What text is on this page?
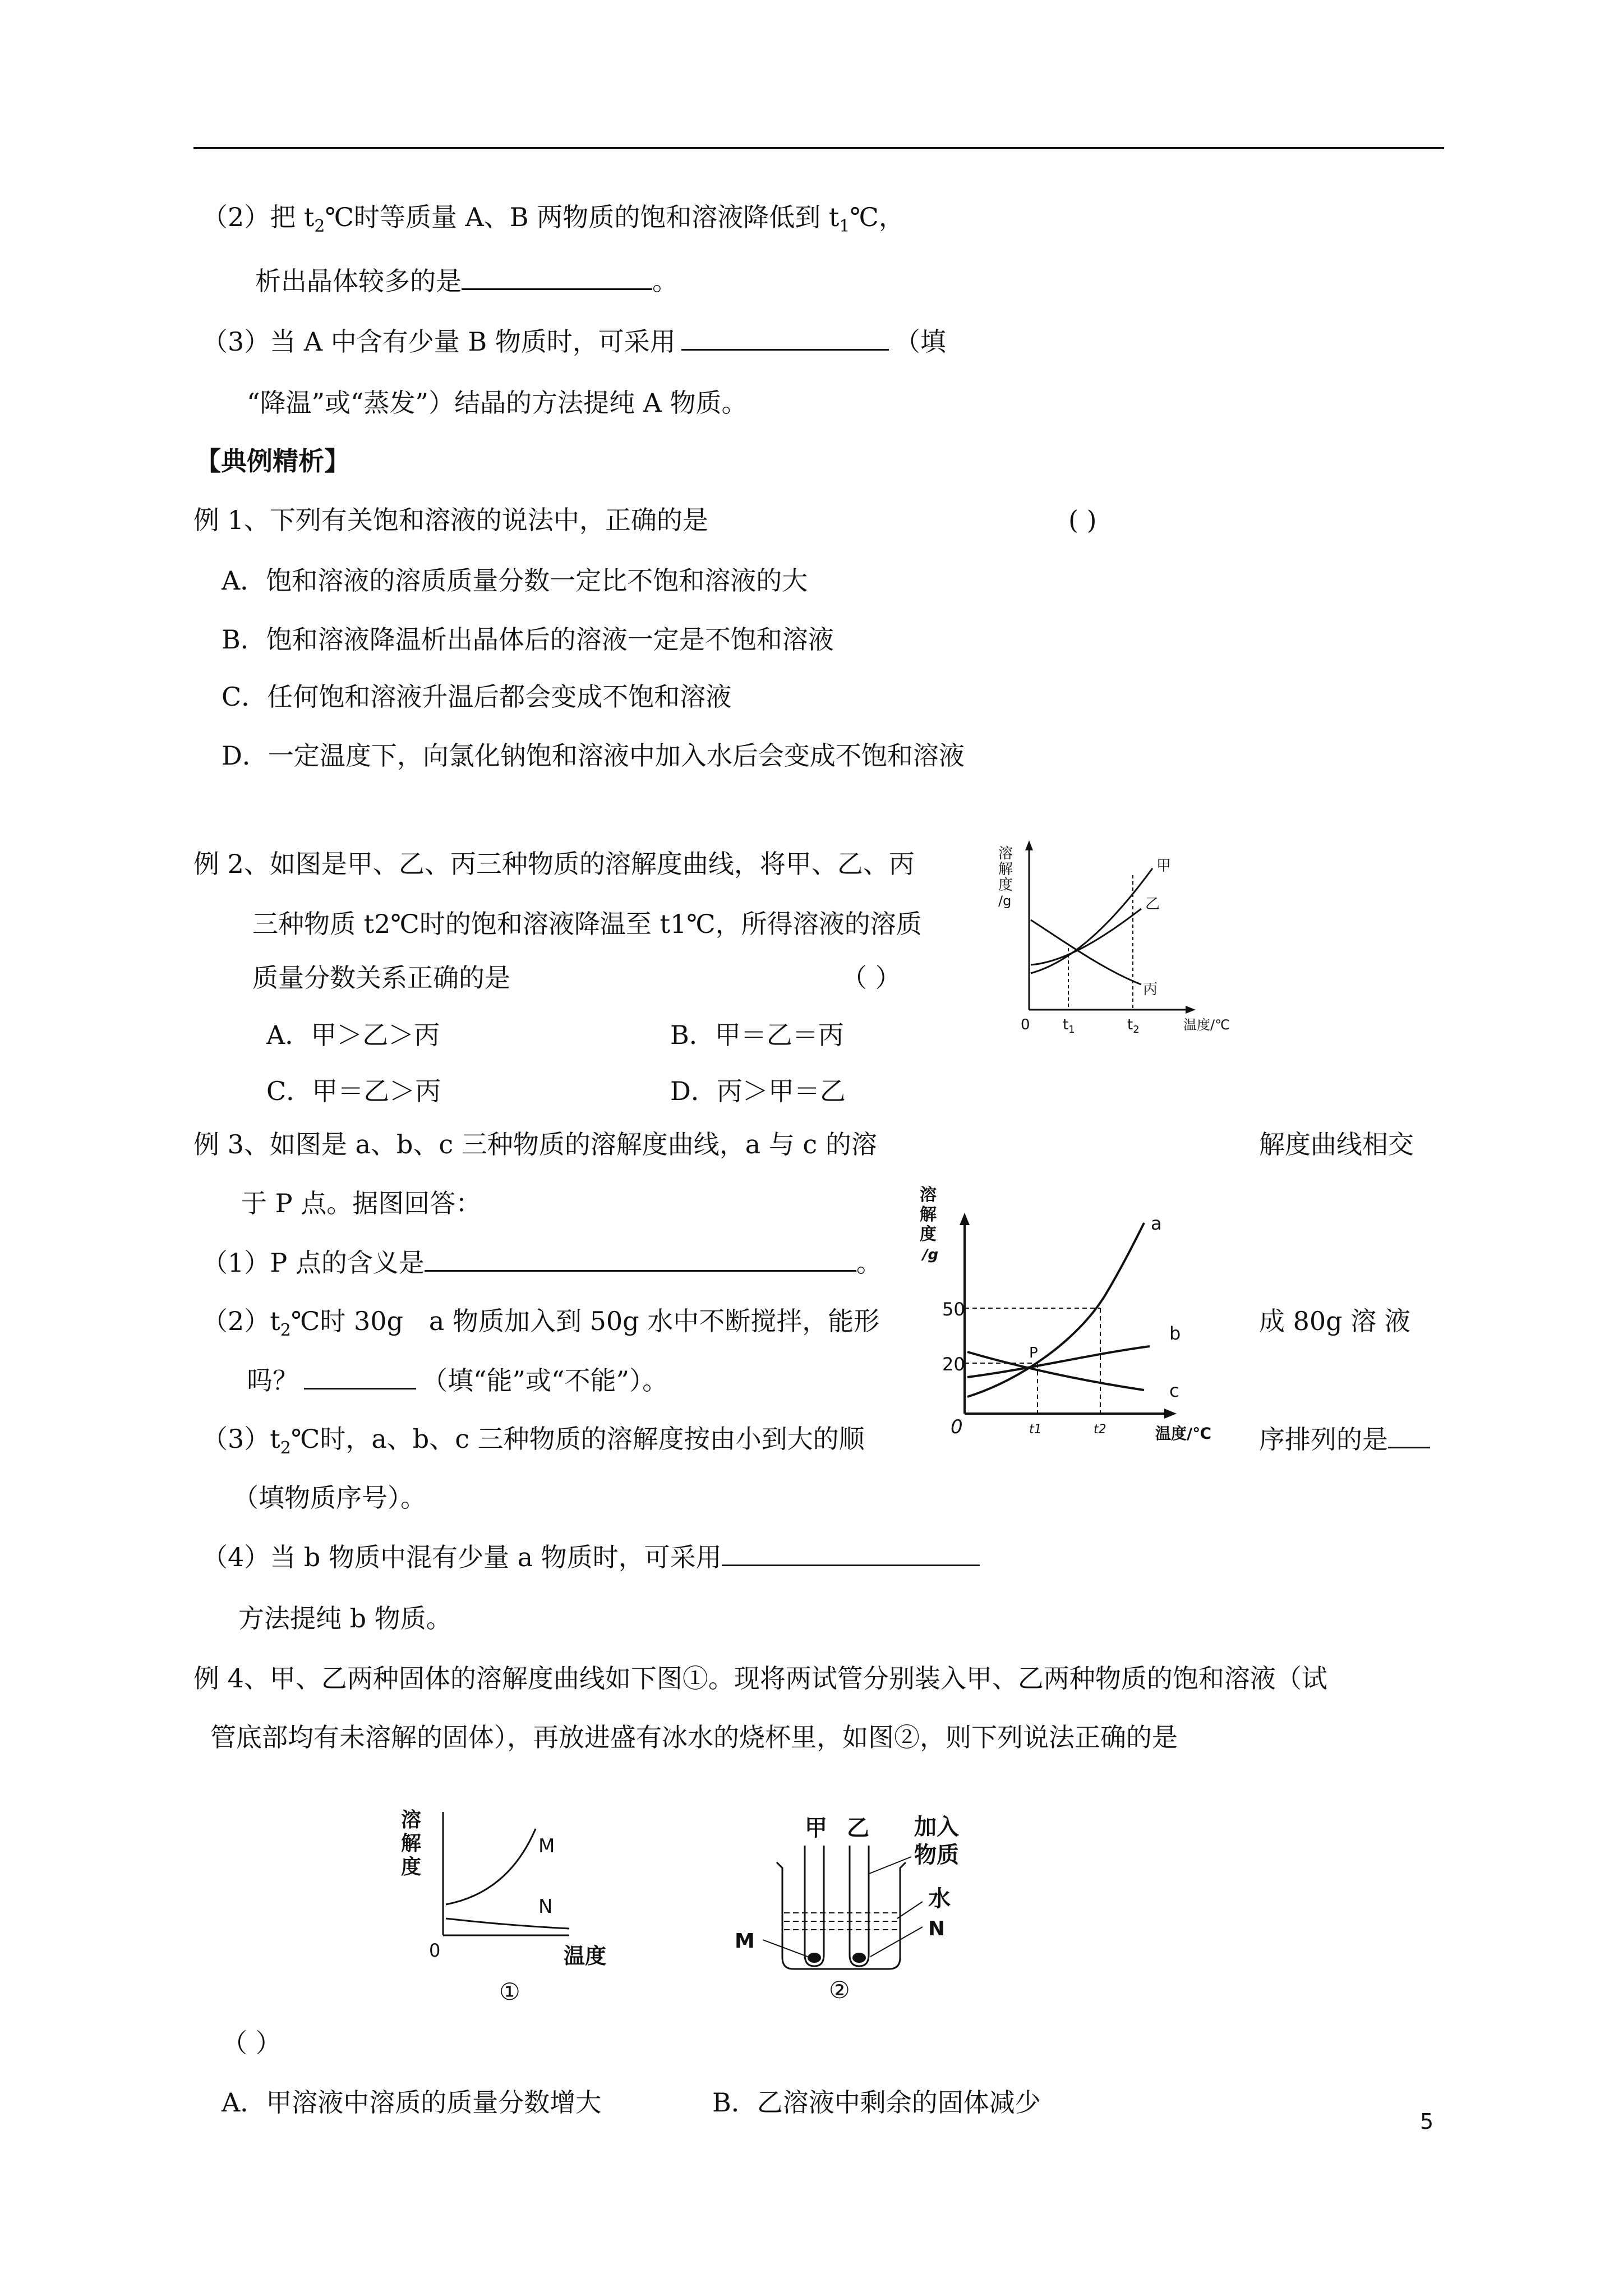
（2）把 $t_2℃$时等质量 A、B 两物质的饱和溶液降低到 $t_1℃$，
析出晶体较多的是	。
（3）当 A 中含有少量 B 物质时，可采用	（填
“降温”或“蒸发”）结晶的方法提纯 A 物质。
【典例精析】
例 1、下列有关饱和溶液的说法中，正确的是	( )
A．饱和溶液的溶质质量分数一定比不饱和溶液的大
B．饱和溶液降温析出晶体后的溶液一定是不饱和溶液
C．任何饱和溶液升温后都会变成不饱和溶液
D．一定温度下，向氯化钠饱和溶液中加入水后会变成不饱和溶液
例 2、如图是甲、乙、丙三种物质的溶解度曲线，将甲、乙、丙
三种物质 t2℃时的饱和溶液降温至 t1℃，所得溶液的溶质
质量分数关系正确的是	（ ）
A．甲＞乙＞丙	B．甲＝乙＝丙
C．甲＝乙＞丙	D．丙＞甲＝乙
溶
解
度
/g
甲
乙
丙
0 $t_1$	$t_2$	温度/℃
例 3、如图是 a、b、c 三种物质的溶解度曲线，a 与 c 的溶	解度曲线相交
于 P 点。据图回答：
（1）P 点的含义是	。
$(2)t_2℃$时 30g　a 物质加入到 50g 水中不断搅拌，能形	成 80g 溶 液
吗？	（填“能”或“不能”）。
$(3)t_2℃$时，a、b、c 三种物质的溶解度按由小到大的顺	序排列的是
（填物质序号）。
（4）当 b 物质中混有少量 a 物质时，可采用
方法提纯 b 物质。
溶
解
度
/g
a
b
c
P
50
20
0	t1	t2	温度/℃
例 4、甲、乙两种固体的溶解度曲线如下图①。现将两试管分别装入甲、乙两种物质的饱和溶液（试
管底部均有未溶解的固体），再放进盛有冰水的烧杯里，如图②，则下列说法正确的是
溶
解
度
M
N
0	温度
①
甲 乙 加入
物质
水
N
M
②
（ ）
A．甲溶液中溶质的质量分数增大	B．乙溶液中剩余的固体减少
5
